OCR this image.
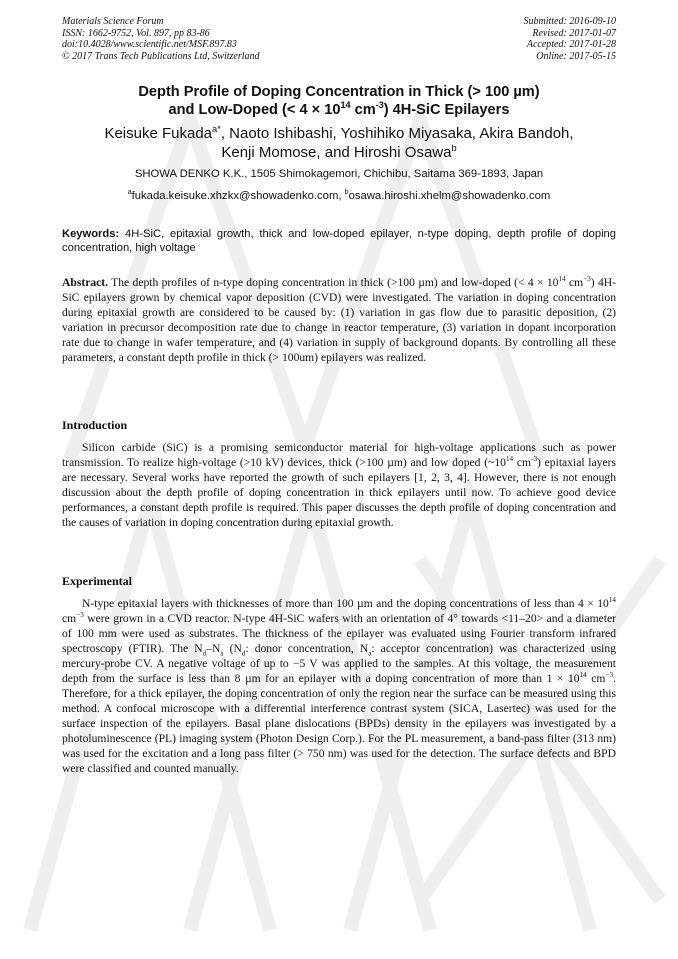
Materials Science Forum
ISSN: 1662-9752, Vol. 897, pp 83-86
doi:10.4028/www.scientific.net/MSF.897.83
© 2017 Trans Tech Publications Ltd, Switzerland
Submitted: 2016-09-10
Revised: 2017-01-07
Accepted: 2017-01-28
Online: 2017-05-15
Depth Profile of Doping Concentration in Thick (> 100 µm)
and Low-Doped (< $4 \times 10^{14}$ $cm^{-3}$) 4H-SiC Epilayers
Keisuke Fukada$^{a*}$, Naoto Ishibashi, Yoshihiko Miyasaka, Akira Bandoh,
Kenji Momose, and Hiroshi Osawa$^b$
SHOWA DENKO K.K., 1505 Shimokagemori, Chichibu, Saitama 369-1893, Japan
$^a$fukada.keisuke.xhzkx@showadenko.com, $^b$osawa.hiroshi.xhelm@showadenko.com
Keywords: 4H-SiC, epitaxial growth, thick and low-doped epilayer, n-type doping, depth profile of doping concentration, high voltage
Abstract. The depth profiles of n-type doping concentration in thick (>100 µm) and low-doped (< $4 \times 10^{14}$ $cm^{-3}$) 4H-SiC epilayers grown by chemical vapor deposition (CVD) were investigated. The variation in doping concentration during epitaxial growth are considered to be caused by: (1) variation in gas flow due to parasitic deposition, (2) variation in precursor decomposition rate due to change in reactor temperature, (3) variation in dopant incorporation rate due to change in wafer temperature, and (4) variation in supply of background dopants. By controlling all these parameters, a constant depth profile in thick (> 100um) epilayers was realized.
Introduction
Silicon carbide (SiC) is a promising semiconductor material for high-voltage applications such as power transmission. To realize high-voltage (>10 kV) devices, thick (>100 µm) and low doped ($\sim 10^{14}$ $cm^{-3}$) epitaxial layers are necessary. Several works have reported the growth of such epilayers [1, 2, 3, 4]. However, there is not enough discussion about the depth profile of doping concentration in thick epilayers until now. To achieve good device performances, a constant depth profile is required. This paper discusses the depth profile of doping concentration and the causes of variation in doping concentration during epitaxial growth.
Experimental
N-type epitaxial layers with thicknesses of more than 100 µm and the doping concentrations of less than $4 \times 10^{14}$ $cm^{-3}$ were grown in a CVD reactor. N-type 4H-SiC wafers with an orientation of 4° towards <11–20> and a diameter of 100 mm were used as substrates. The thickness of the epilayer was evaluated using Fourier transform infrared spectroscopy (FTIR). The $N_d-N_a$ ($N_d$: donor concentration, $N_a$: acceptor concentration) was characterized using mercury-probe CV. A negative voltage of up to −5 V was applied to the samples. At this voltage, the measurement depth from the surface is less than 8 µm for an epilayer with a doping concentration of more than $1 \times 10^{14}$ $cm^{-3}$. Therefore, for a thick epilayer, the doping concentration of only the region near the surface can be measured using this method. A confocal microscope with a differential interference contrast system (SICA, Lasertec) was used for the surface inspection of the epilayers. Basal plane dislocations (BPDs) density in the epilayers was investigated by a photoluminescence (PL) imaging system (Photon Design Corp.). For the PL measurement, a band-pass filter (313 nm) was used for the excitation and a long pass filter (> 750 nm) was used for the detection. The surface defects and BPD were classified and counted manually.
